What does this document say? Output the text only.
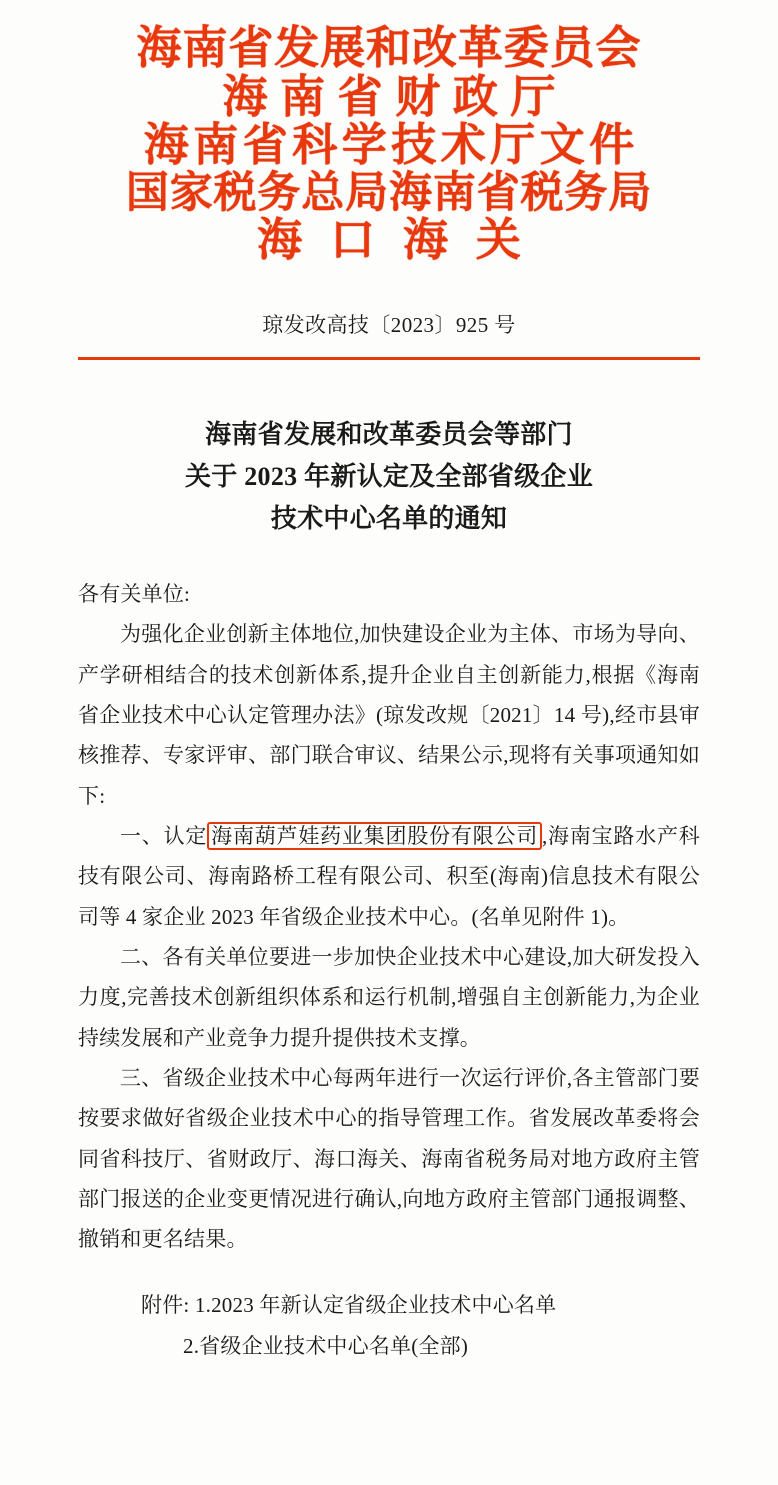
海南省发展和改革委员会
海南省财政厅
海南省科学技术厅文件
国家税务总局海南省税务局
海口海关
琼发改高技〔2023〕925 号
海南省发展和改革委员会等部门
关于 2023 年新认定及全部省级企业
技术中心名单的通知

各有关单位:

为强化企业创新主体地位,加快建设企业为主体、市场为导向、产学研相结合的技术创新体系,提升企业自主创新能力,根据《海南省企业技术中心认定管理办法》(琼发改规〔2021〕14 号),经市县审核推荐、专家评审、部门联合审议、结果公示,现将有关事项通知如下:

一、认定 海南葫芦娃药业集团股份有限公司 ,海南宝路水产科技有限公司、海南路桥工程有限公司、积至(海南)信息技术有限公司等 4 家企业 2023 年省级企业技术中心。(名单见附件 1)。

二、各有关单位要进一步加快企业技术中心建设,加大研发投入力度,完善技术创新组织体系和运行机制,增强自主创新能力,为企业持续发展和产业竞争力提升提供技术支撑。

三、省级企业技术中心每两年进行一次运行评价,各主管部门要按要求做好省级企业技术中心的指导管理工作。省发展改革委将会同省科技厅、省财政厅、海口海关、海南省税务局对地方政府主管部门报送的企业变更情况进行确认,向地方政府主管部门通报调整、撤销和更名结果。

附件: 1.2023 年新认定省级企业技术中心名单
2.省级企业技术中心名单(全部)
